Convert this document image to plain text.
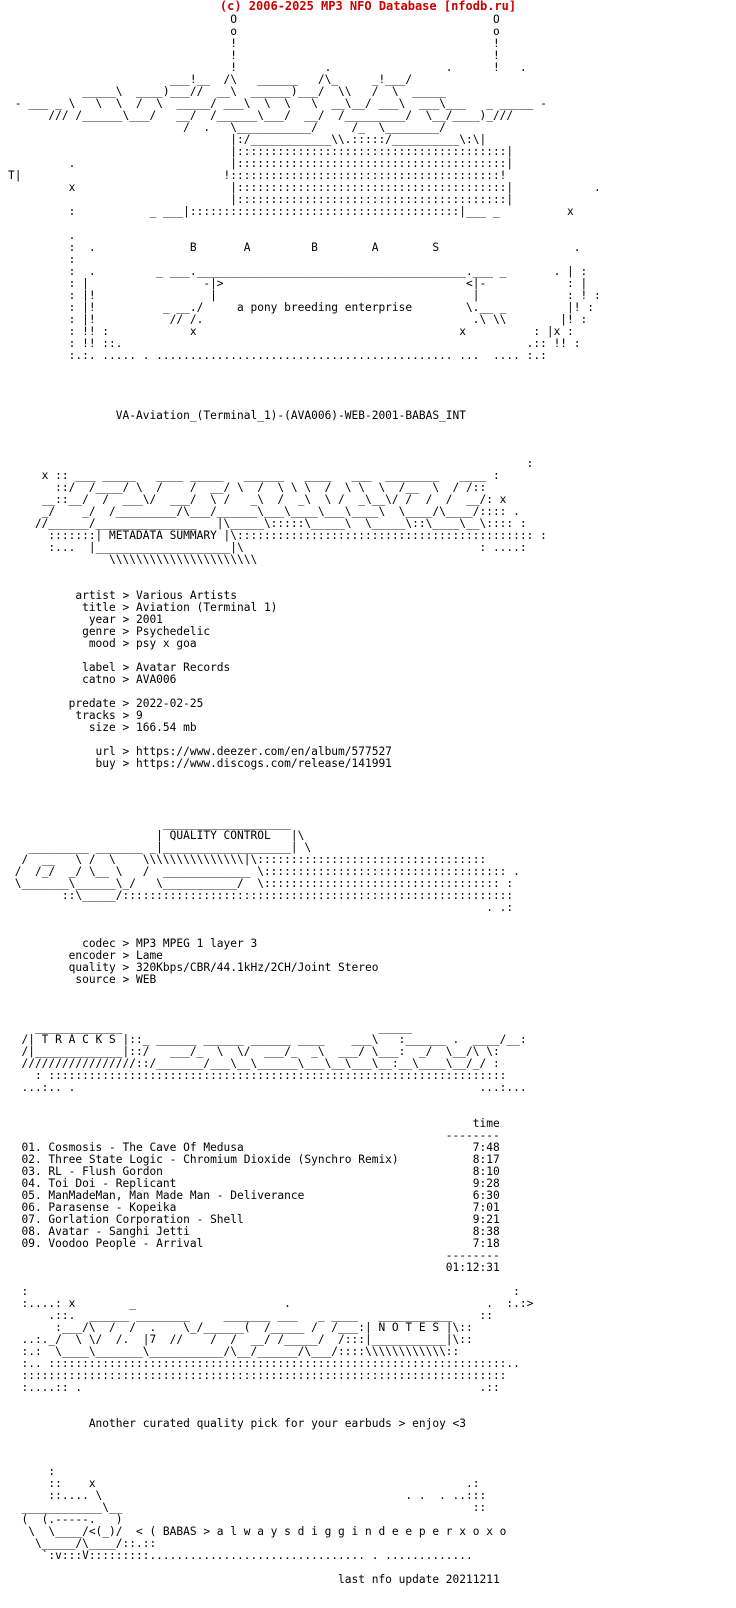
(c) 2006-2025 MP3 NFO Database [nfodb.ru]
O                                      O
o                                      o
!                                      !
!                                      !
!             .                 .      !   .
___!__  /\   ______   /\_     _!___/
_____\  ____)___//  __\  ______)___/  \\   /  \  _____
- ___ _ \   \  \  /  \  _____/ ___\  \  \   \  __\__/ ___\  ___\___   _ _____ -
/// /______\___/   __/  /______\___/  __/  /_________/  \__/____)_///
/  .   \___________/     /_  \________/
|:/____________\\.:::::/__________\:\|
|::::::::::::::::::::::::::::::::::::::::|
.                       |::::::::::::::::::::::::::::::::::::::::|
T|                              !::::::::::::::::::::::::::::::::::::::::!
x                       |::::::::::::::::::::::::::::::::::::::::|            .
|::::::::::::::::::::::::::::::::::::::::|
:           _ ___|::::::::::::::::::::::::::::::::::::::::|___ _          x

.
:  .              B       A         B        A        S                    .
:
:  .         _ ___.________________________________________.___ _       . | :
: |                 -|>                                    <|-            : |
: |!                 |                                      |             : ! :
: |!          _ __./     a pony breeding enterprise        \.__ _         |! :
: |!           // /.                                        .\ \\        |! :
: !! :            x                                       x          : |x :
: !! ::.                                                            .:: !! :
:.:. ..... . ............................................ ...  .... :.:

VA-Aviation_(Terminal_1)-(AVA006)-WEB-2001-BABAS_INT

:
x :: ___ _____   ____ _____   ______   ____   ___  ________   ____ :
::/  /____/ \  /    /  __/ \  /  \ \ \  /  \ \  \  /__  \  / /::
__::__/  /  ___\/  ___/  \ /   _\  /  _\  \ /  _\__\/ /  /  /  __/: x
_/    _/  /_________/\___/______\___\____\___\____\  \____/\____/:::: .
//______/_______________   |\_____\:::::\_____\  \_____\::\____\__\:::: :
:::::::| METADATA SUMMARY |\:::::::::::::::::::::::::::::::::::::::::::: :
:...  |____________________|\                                   : ....:
\\\\\\\\\\\\\\\\\\\\\\

artist > Various Artists
title > Aviation (Terminal 1)
year > 2001
genre > Psychedelic
mood > psy x goa

label > Avatar Records
catno > AVA006

predate > 2022-02-25
tracks > 9
size > 166.54 mb

url > https://www.deezer.com/en/album/577527
buy > https://www.discogs.com/release/141991

___________________
| QUALITY CONTROL   |\
_________ _______ _|___________________| \
/  __   \ /  \    \\\\\\\\\\\\\\\|\::::::::::::::::::::::::::::::::::
/  /_/  _/ \__ \   /  _____________ \:::::::::::::::::::::::::::::::::::: .
\_______\______\_/   \___________/  \::::::::::::::::::::::::::::::::::: :
::\_____/::::::::::::::::::::::::::::::::::::::::::::::::::::::::::
. .:

codec > MP3 MPEG 1 layer 3
encoder > Lame
quality > 320Kbps/CBR/44.1kHz/2CH/Joint Stereo
source > WEB

_____________                                      _____
/| T R A C K S |::_ ______ ______ ______ ____    ___\   :______ .  ____/__:
/|_____________|::/   ___/_  \  \/  ___/_  _\  ___/ \___:  _/  \__/\ \:
/////////////////::/_______/___\__\______\___\__\___\__:__\____\__/_/ :
: ::::::::::::::::::::::::::::::::::::::::::::::::::::::::::::::::::::
...:.. .                                                            ...:...

time
--------
01. Cosmosis - The Cave Of Medusa                                  7:48
02. Three State Logic - Chromium Dioxide (Synchro Remix)           8:17
03. RL - Flush Gordon                                              8:10
04. Toi Doi - Replicant                                            9:28
05. ManMadeMan, Man Made Man - Deliverance                         6:30
06. Parasense - Kopeika                                            7:01
07. Gorlation Corporation - Shell                                  9:21
08. Avatar - Sanghi Jetti                                          8:38
09. Voodoo People - Arrival                                        7:18
--------
01:12:31

:                                                                        :
:....: x        _                      .                             .  :.:>
.::.  ______ ________     _______ ___   _ ____   ___________    ::
:___/\  /  /  .    \_/______(  /_____ /  /___:| N O T E S |\::
..:._/  \ \/  /.  |7  //    /  /  __/ /_____/  /:::|___________|\::
:.:  \____\_______\___________/\__/______/\___/::::\\\\\\\\\\\\::
:.. ::::::::::::::::::::::::::::::::::::::::::::::::::::::::::::::::::::..
::::::::::::::::::::::::::::::::::::::::::::::::::::::::::::::::::::::::
:....:: .                                                           .::

Another curated quality pick for your earbuds > enjoy <3

:
::    x                                                       .:
::.... \                                             . .  . ..:::
____________\__                                                    ::
(  (.-----.   )
\  \____/<(_)/  < ( BABAS > a l w a y s d i g g i n d e e p e r x o x o
\_____/\____/::.::
`:v:::V:::::::::................................ . .............

last nfo update 20211211
